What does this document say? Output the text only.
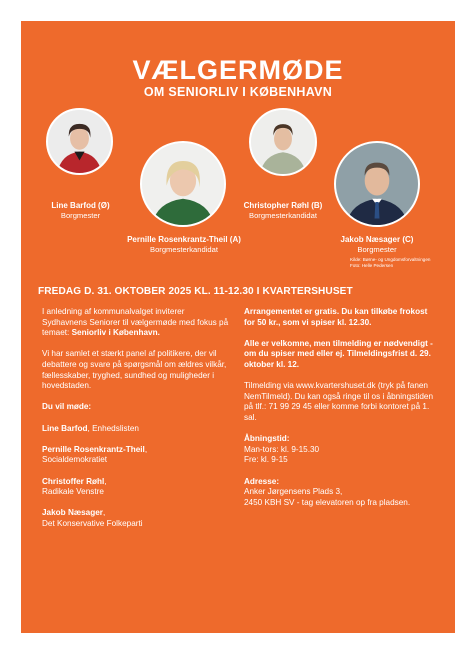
VÆLGERMØDE
OM SENIORLIV I KØBENHAVN
Line Barfod (Ø)
Borgmester
Pernille Rosenkrantz-Theil (A)
Borgmesterkandidat
Christopher Røhl (B)
Borgmesterkandidat
Jakob Næsager (C)
Borgmester
Kilde: Børne- og Ungdomsforvaltningen
Foto: Helle Pedersen
FREDAG D. 31. OKTOBER 2025 KL. 11-12.30 I KVARTERSHUSET

I anledning af kommunalvalget inviterer Sydhavnens Seniorer til vælgermøde med fokus på temaet: Seniorliv i København.

Vi har samlet et stærkt panel af politikere, der vil debattere og svare på spørgsmål om ældres vilkår, fællesskaber, tryghed, sundhed og muligheder i hovedstaden.

Du vil møde:

Line Barfod, Enhedslisten

Pernille Rosenkrantz-Theil,
Socialdemokratiet

Christoffer Røhl,
Radikale Venstre

Jakob Næsager,
Det Konservative Folkeparti

Arrangementet er gratis. Du kan tilkøbe frokost for 50 kr., som vi spiser kl. 12.30.

Alle er velkomne, men tilmelding er nødvendigt - om du spiser med eller ej. Tilmeldingsfrist d. 29. oktober kl. 12.

Tilmelding via www.kvartershuset.dk (tryk på fanen NemTilmeld). Du kan også ringe til os i åbningstiden på tlf.: 71 99 29 45 eller komme forbi kontoret på 1. sal.

Åbningstid:
Man-tors: kl. 9-15.30
Fre: kl. 9-15

Adresse:
Anker Jørgensens Plads 3,
2450 KBH SV - tag elevatoren op fra pladsen.
